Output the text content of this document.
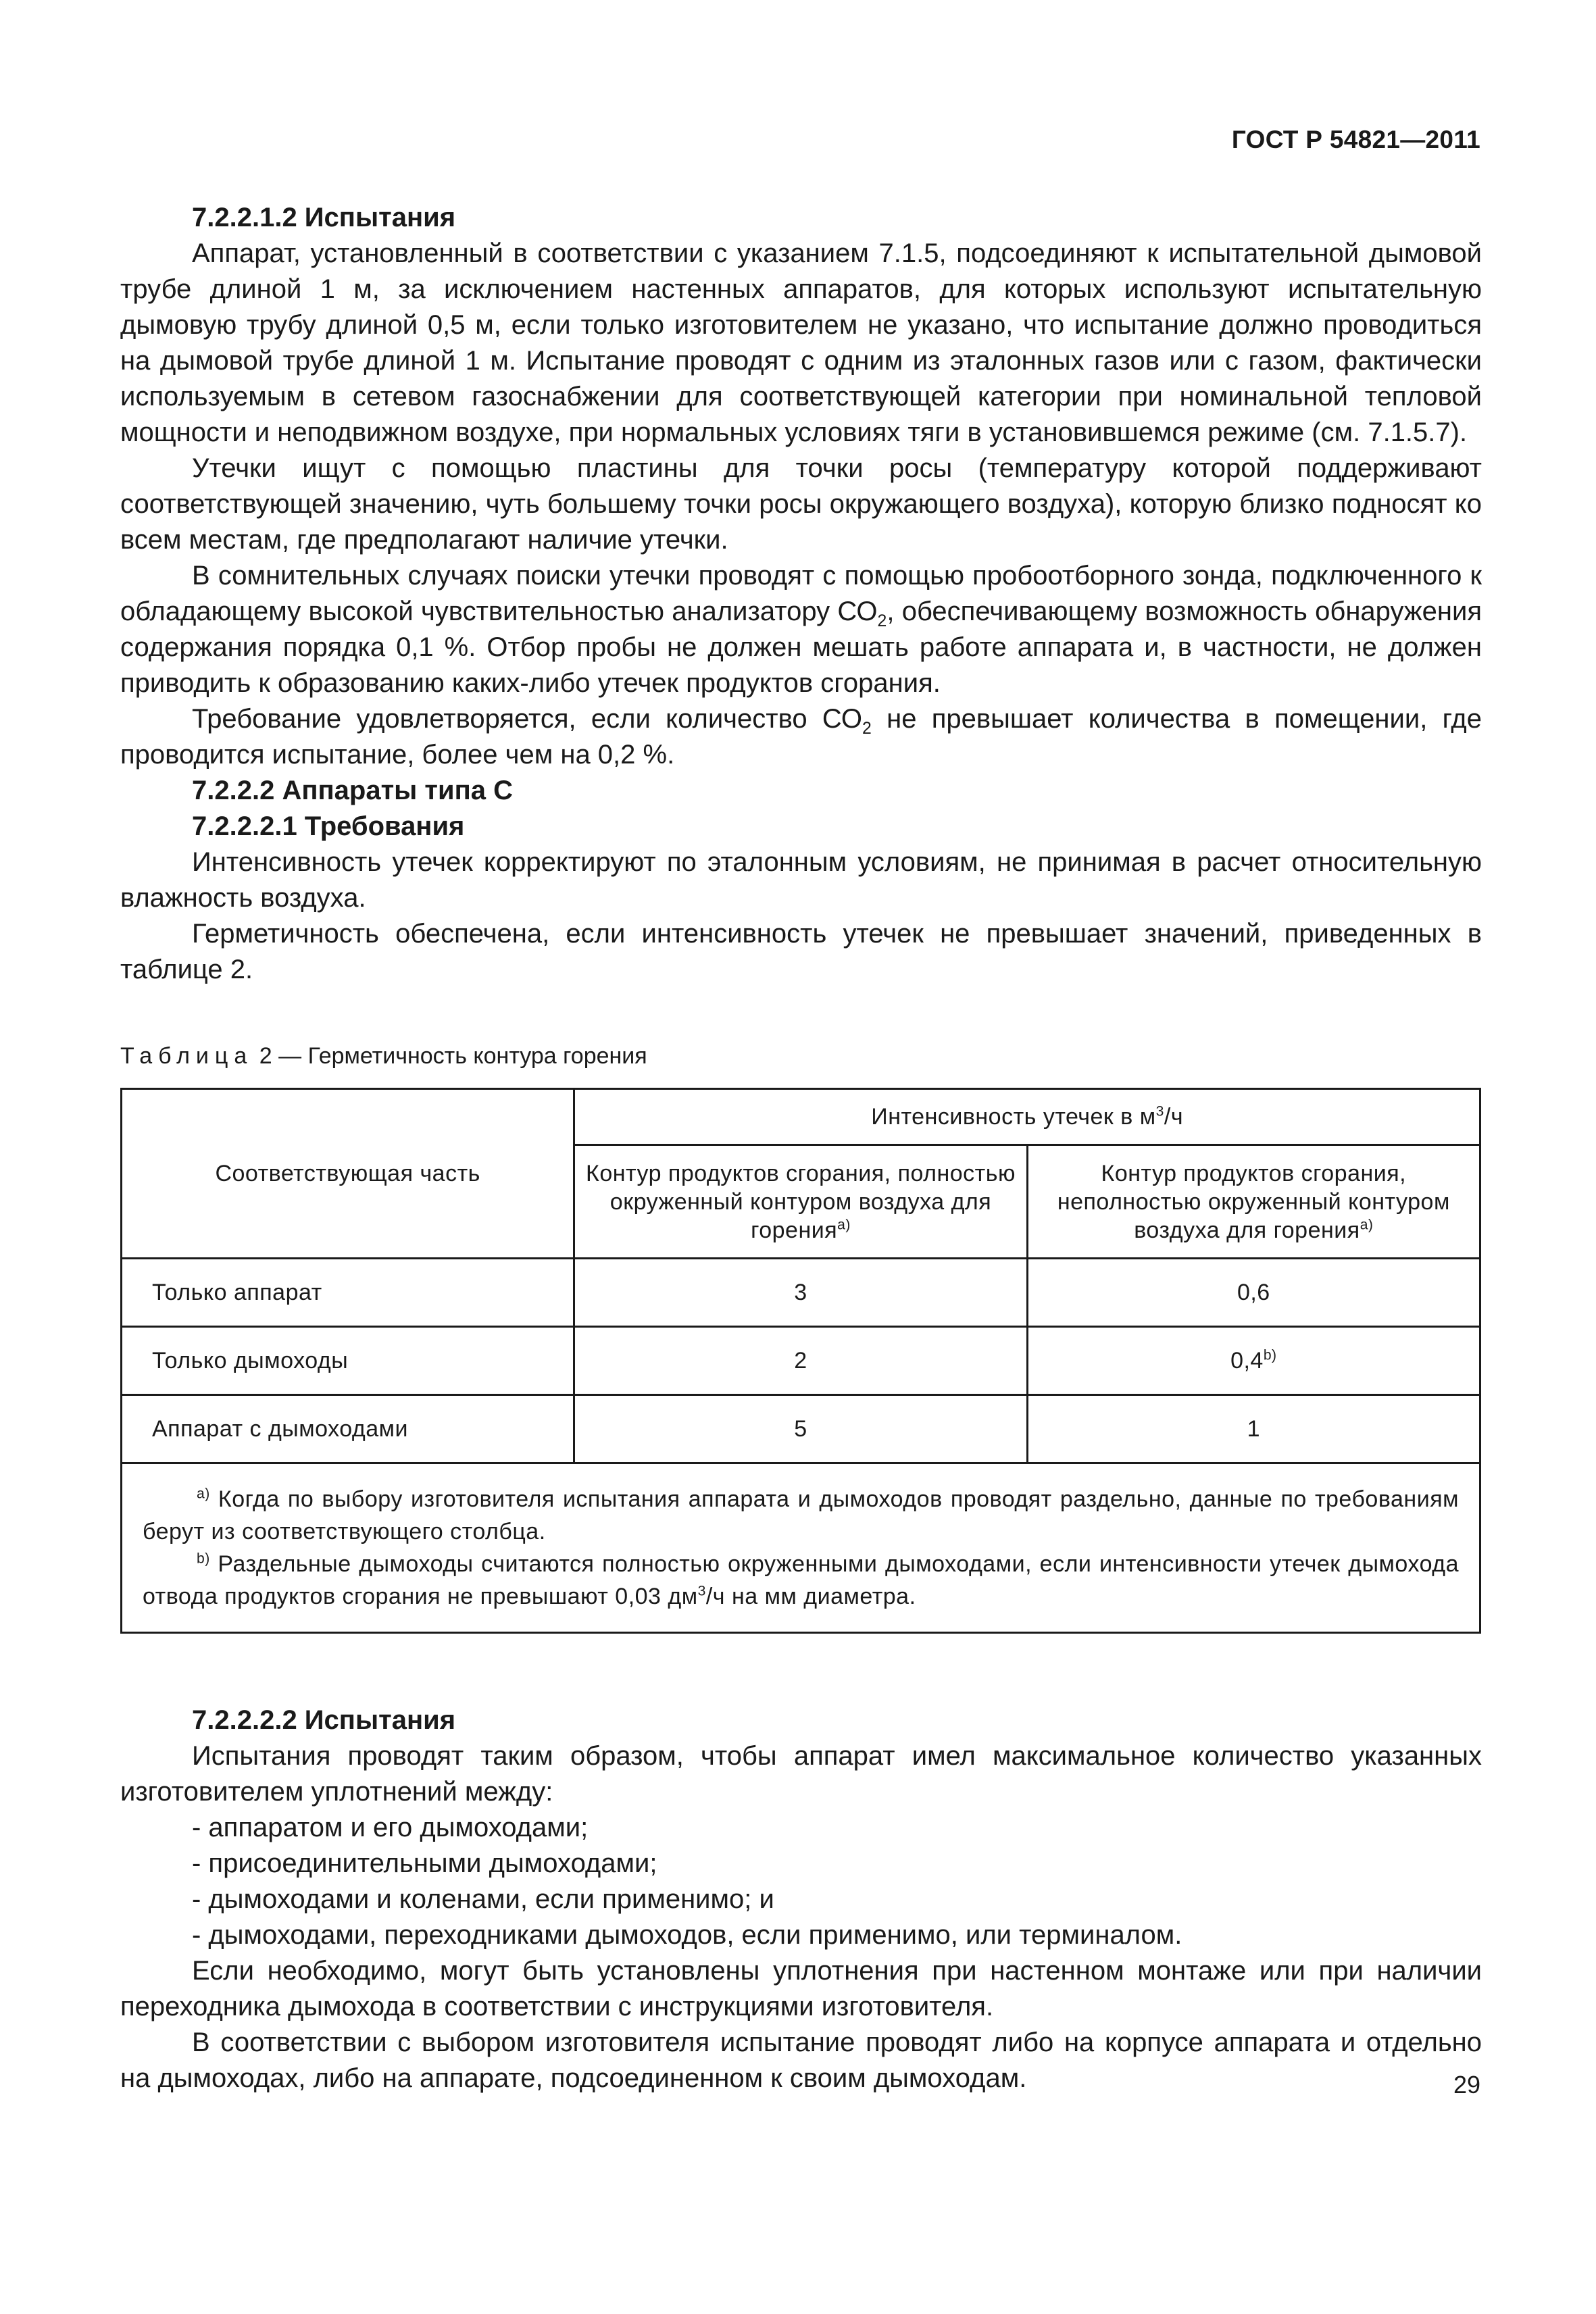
ГОСТ Р 54821—2011

7.2.2.1.2 Испытания

Аппарат, установленный в соответствии с указанием 7.1.5, подсоединяют к испытательной дымовой трубе длиной 1 м, за исключением настенных аппаратов, для которых используют испытательную дымовую трубу длиной 0,5 м, если только изготовителем не указано, что испытание должно проводиться на дымовой трубе длиной 1 м. Испытание проводят с одним из эталонных газов или с газом, фактически используемым в сетевом газоснабжении для соответствующей категории при номинальной тепловой мощности и неподвижном воздухе, при нормальных условиях тяги в установившемся режиме (см. 7.1.5.7).

Утечки ищут с помощью пластины для точки росы (температуру которой поддерживают соответствующей значению, чуть большему точки росы окружающего воздуха), которую близко подносят ко всем местам, где предполагают наличие утечки.

В сомнительных случаях поиски утечки проводят с помощью пробоотборного зонда, подключенного к обладающему высокой чувствительностью анализатору $СО_2$, обеспечивающему возможность обнаружения содержания порядка 0,1 %. Отбор пробы не должен мешать работе аппарата и, в частности, не должен приводить к образованию каких-либо утечек продуктов сгорания.

Требование удовлетворяется, если количество $СО_2$ не превышает количества в помещении, где проводится испытание, более чем на 0,2 %.

7.2.2.2 Аппараты типа С

7.2.2.2.1 Требования

Интенсивность утечек корректируют по эталонным условиям, не принимая в расчет относительную влажность воздуха.

Герметичность обеспечена, если интенсивность утечек не превышает значений, приведенных в таблице 2.

Таблица 2 — Герметичность контура горения
Соответствующая часть	Интенсивность утечек в $м^3/ч$	
	Контур продуктов сгорания, полностью окруженный контуром воздуха для горения$^{a)}$	Контур продуктов сгорания, неполностью окруженный контуром воздуха для горения$^{a)}$
Только аппарат	3	0,6
Только дымоходы	2	0,4$^{b)}$
Аппарат с дымоходами	5	1

$^{a)}$ Когда по выбору изготовителя испытания аппарата и дымоходов проводят раздельно, данные по требованиям берут из соответствующего столбца.

$^{b)}$ Раздельные дымоходы считаются полностью окруженными дымоходами, если интенсивности утечек дымохода отвода продуктов сгорания не превышают 0,03 $дм^3/ч$ на мм диаметра.		

7.2.2.2.2 Испытания

Испытания проводят таким образом, чтобы аппарат имел максимальное количество указанных изготовителем уплотнений между:

- аппаратом и его дымоходами;

- присоединительными дымоходами;

- дымоходами и коленами, если применимо; и

- дымоходами, переходниками дымоходов, если применимо, или терминалом.

Если необходимо, могут быть установлены уплотнения при настенном монтаже или при наличии переходника дымохода в соответствии с инструкциями изготовителя.

В соответствии с выбором изготовителя испытание проводят либо на корпусе аппарата и отдельно на дымоходах, либо на аппарате, подсоединенном к своим дымоходам.	29
